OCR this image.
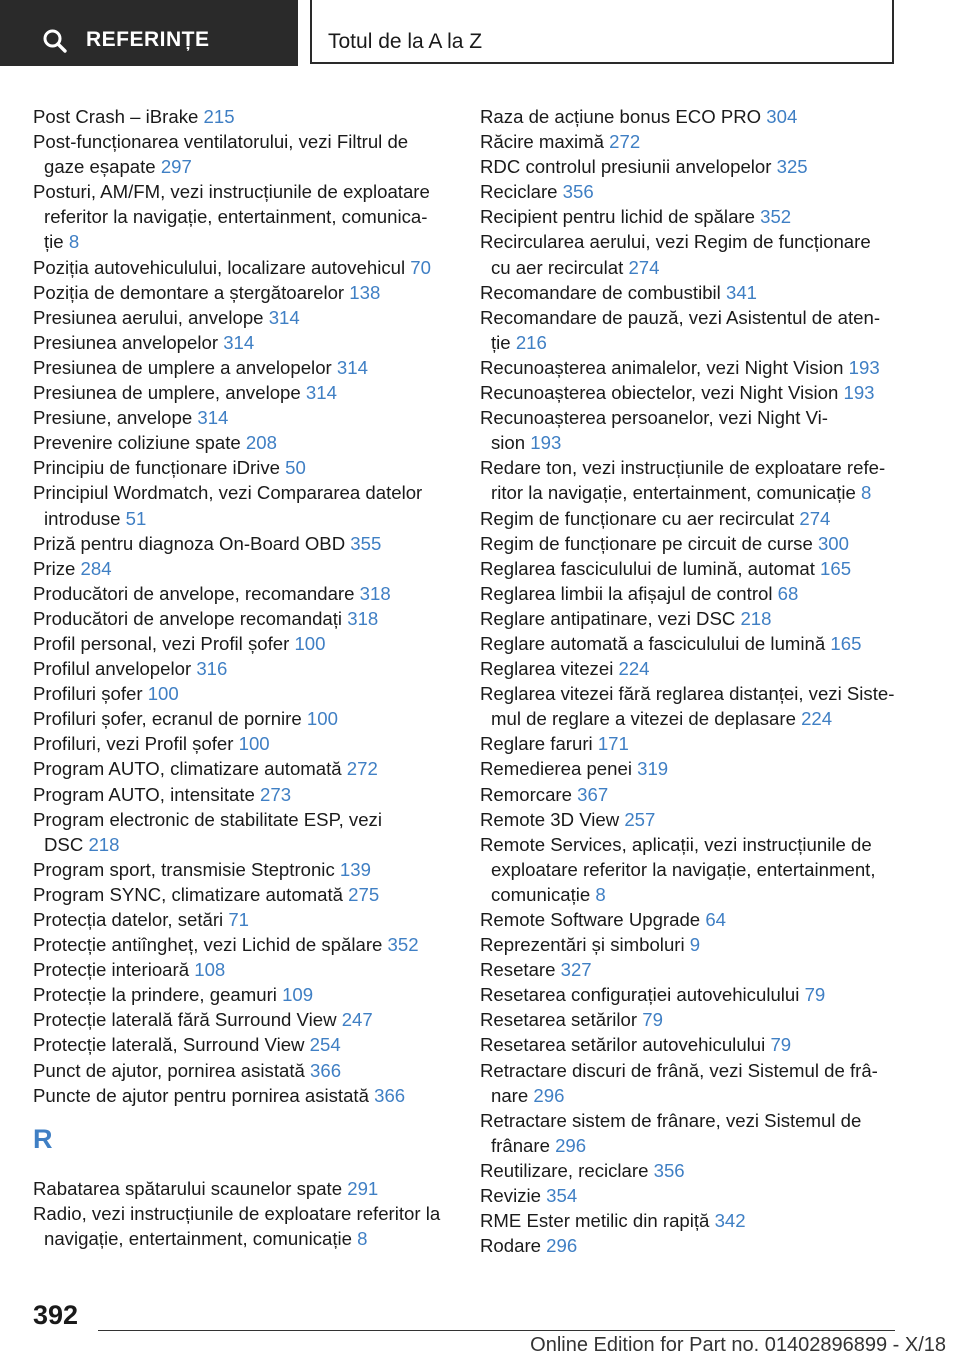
REFERINȚE	Totul de la A la Z
Post Crash – iBrake 215
Post-funcționarea ventilatorului, vezi Filtrul de
gaze eșapate 297
Posturi, AM/FM, vezi instrucțiunile de exploatare
referitor la navigație, entertainment, comunica-
ție 8
Poziția autovehiculului, localizare autovehicul 70
Poziția de demontare a ștergătoarelor 138
Presiunea aerului, anvelope 314
Presiunea anvelopelor 314
Presiunea de umplere a anvelopelor 314
Presiunea de umplere, anvelope 314
Presiune, anvelope 314
Prevenire coliziune spate 208
Principiu de funcționare iDrive 50
Principiul Wordmatch, vezi Compararea datelor
introduse 51
Priză pentru diagnoza On-Board OBD 355
Prize 284
Producători de anvelope, recomandare 318
Producători de anvelope recomandați 318
Profil personal, vezi Profil șofer 100
Profilul anvelopelor 316
Profiluri șofer 100
Profiluri șofer, ecranul de pornire 100
Profiluri, vezi Profil șofer 100
Program AUTO, climatizare automată 272
Program AUTO, intensitate 273
Program electronic de stabilitate ESP, vezi
DSC 218
Program sport, transmisie Steptronic 139
Program SYNC, climatizare automată 275
Protecția datelor, setări 71
Protecție antiîngheț, vezi Lichid de spălare 352
Protecție interioară 108
Protecție la prindere, geamuri 109
Protecție laterală fără Surround View 247
Protecție laterală, Surround View 254
Punct de ajutor, pornirea asistată 366
Puncte de ajutor pentru pornirea asistată 366
R
Rabatarea spătarului scaunelor spate 291
Radio, vezi instrucțiunile de exploatare referitor la
navigație, entertainment, comunicație 8
Raza de acțiune bonus ECO PRO 304
Răcire maximă 272
RDC controlul presiunii anvelopelor 325
Reciclare 356
Recipient pentru lichid de spălare 352
Recircularea aerului, vezi Regim de funcționare
cu aer recirculat 274
Recomandare de combustibil 341
Recomandare de pauză, vezi Asistentul de aten-
ție 216
Recunoașterea animalelor, vezi Night Vision 193
Recunoașterea obiectelor, vezi Night Vision 193
Recunoașterea persoanelor, vezi Night Vi-
sion 193
Redare ton, vezi instrucțiunile de exploatare refe-
ritor la navigație, entertainment, comunicație 8
Regim de funcționare cu aer recirculat 274
Regim de funcționare pe circuit de curse 300
Reglarea fasciculului de lumină, automat 165
Reglarea limbii la afișajul de control 68
Reglare antipatinare, vezi DSC 218
Reglare automată a fasciculului de lumină 165
Reglarea vitezei 224
Reglarea vitezei fără reglarea distanței, vezi Siste-
mul de reglare a vitezei de deplasare 224
Reglare faruri 171
Remedierea penei 319
Remorcare 367
Remote 3D View 257
Remote Services, aplicații, vezi instrucțiunile de
exploatare referitor la navigație, entertainment,
comunicație 8
Remote Software Upgrade 64
Reprezentări și simboluri 9
Resetare 327
Resetarea configurației autovehiculului 79
Resetarea setărilor 79
Resetarea setărilor autovehiculului 79
Retractare discuri de frână, vezi Sistemul de frâ-
nare 296
Retractare sistem de frânare, vezi Sistemul de
frânare 296
Reutilizare, reciclare 356
Revizie 354
RME Ester metilic din rapiță 342
Rodare 296
392
Online Edition for Part no. 01402896899 - X/18
